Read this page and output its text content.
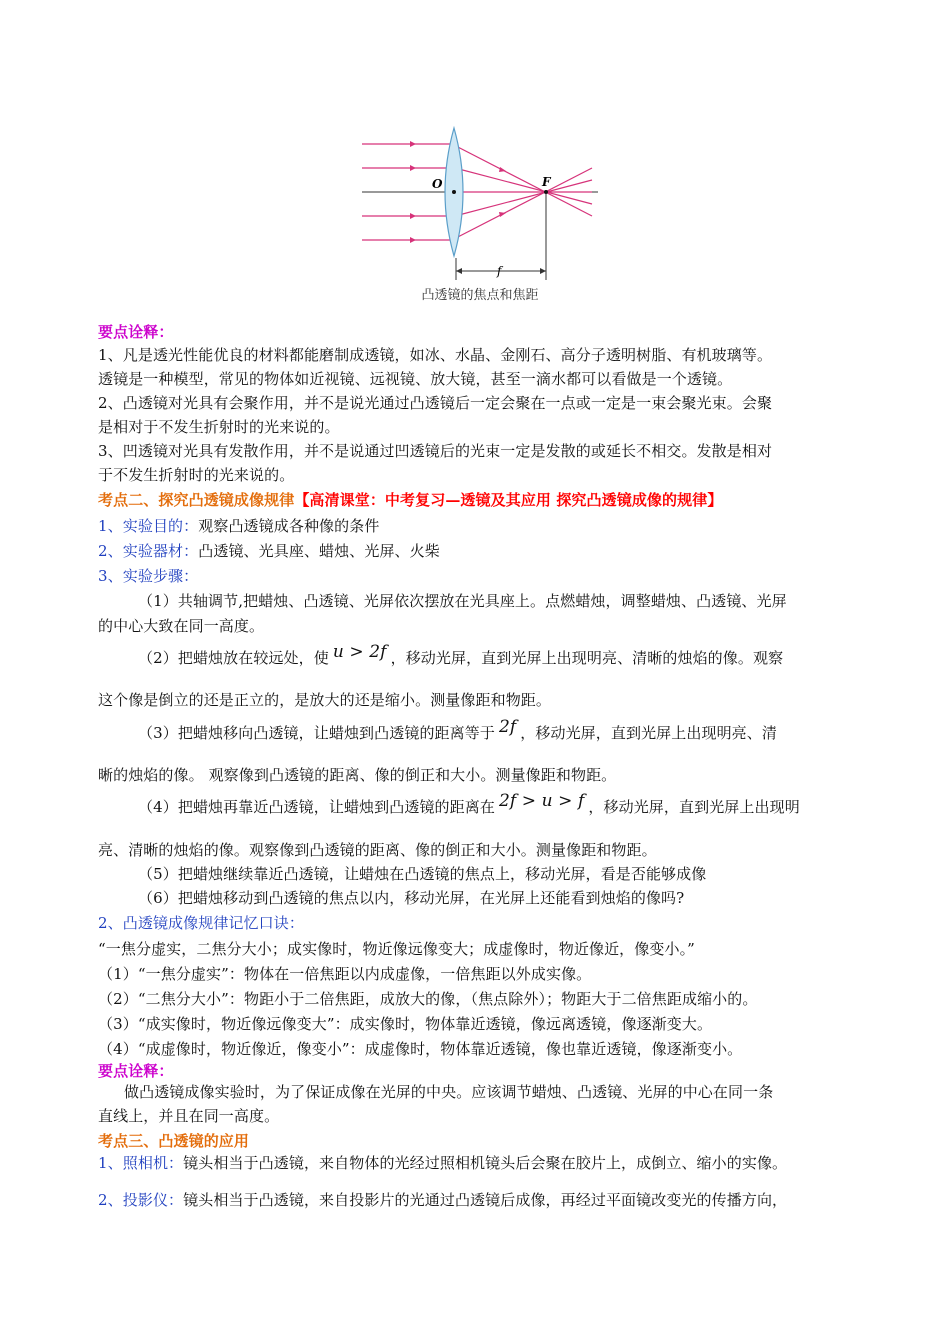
O	F
f
凸透镜的焦点和焦距
要点诠释：
1、凡是透光性能优良的材料都能磨制成透镜，如冰、水晶、金刚石、高分子透明树脂、有机玻璃等。
透镜是一种模型，常见的物体如近视镜、远视镜、放大镜，甚至一滴水都可以看做是一个透镜。
2、凸透镜对光具有会聚作用，并不是说光通过凸透镜后一定会聚在一点或一定是一束会聚光束。会聚
是相对于不发生折射时的光来说的。
3、凹透镜对光具有发散作用，并不是说通过凹透镜后的光束一定是发散的或延长不相交。发散是相对
于不发生折射时的光来说的。
考点二、探究凸透镜成像规律【高清课堂：中考复习—透镜及其应用 探究凸透镜成像的规律】
1、实验目的：观察凸透镜成各种像的条件
2、实验器材：凸透镜、光具座、蜡烛、光屏、火柴
3、实验步骤：
（1）共轴调节,把蜡烛、凸透镜、光屏依次摆放在光具座上。点燃蜡烛，调整蜡烛、凸透镜、光屏
的中心大致在同一高度。
（2）把蜡烛放在较远处，使 u > 2f ，移动光屏，直到光屏上出现明亮、清晰的烛焰的像。观察
这个像是倒立的还是正立的，是放大的还是缩小。测量像距和物距。
（3）把蜡烛移向凸透镜，让蜡烛到凸透镜的距离等于 2f ，移动光屏，直到光屏上出现明亮、清
晰的烛焰的像。 观察像到凸透镜的距离、像的倒正和大小。测量像距和物距。
（4）把蜡烛再靠近凸透镜，让蜡烛到凸透镜的距离在 2f > u > f ，移动光屏，直到光屏上出现明
亮、清晰的烛焰的像。观察像到凸透镜的距离、像的倒正和大小。测量像距和物距。
（5）把蜡烛继续靠近凸透镜，让蜡烛在凸透镜的焦点上，移动光屏，看是否能够成像
（6）把蜡烛移动到凸透镜的焦点以内，移动光屏，在光屏上还能看到烛焰的像吗?
2、凸透镜成像规律记忆口诀：
“一焦分虚实，二焦分大小；成实像时，物近像远像变大；成虚像时，物近像近，像变小。”
（1）“一焦分虚实”：物体在一倍焦距以内成虚像，一倍焦距以外成实像。
（2）“二焦分大小”：物距小于二倍焦距，成放大的像，（焦点除外）；物距大于二倍焦距成缩小的。
（3）“成实像时，物近像远像变大”：成实像时，物体靠近透镜，像远离透镜，像逐渐变大。
（4）“成虚像时，物近像近，像变小”：成虚像时，物体靠近透镜，像也靠近透镜，像逐渐变小。
要点诠释：
做凸透镜成像实验时，为了保证成像在光屏的中央。应该调节蜡烛、凸透镜、光屏的中心在同一条
直线上，并且在同一高度。
考点三、凸透镜的应用
1、照相机：镜头相当于凸透镜，来自物体的光经过照相机镜头后会聚在胶片上，成倒立、缩小的实像。
2、投影仪：镜头相当于凸透镜，来自投影片的光通过凸透镜后成像，再经过平面镜改变光的传播方向，
